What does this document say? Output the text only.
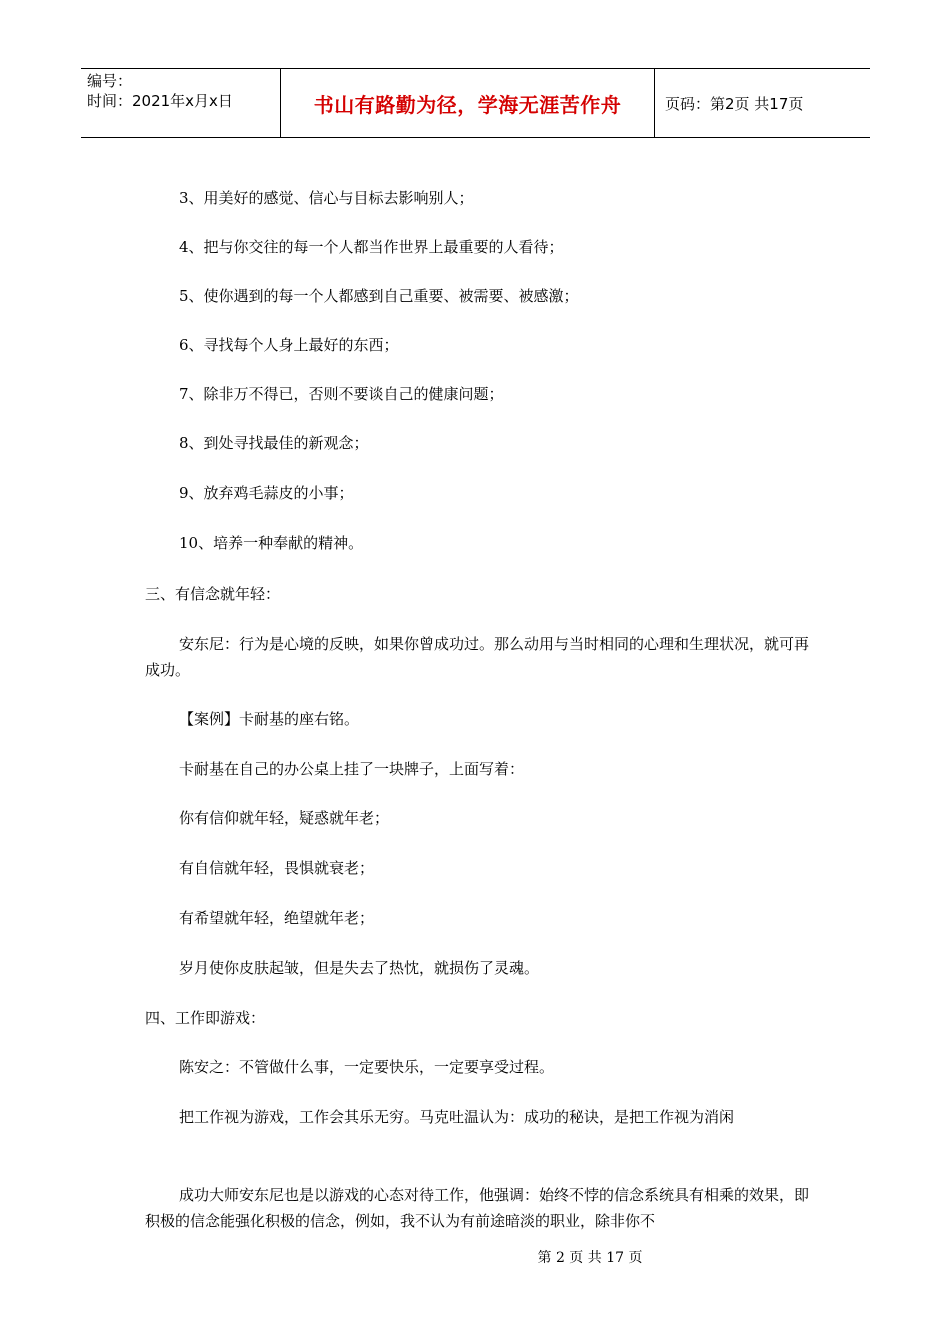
编号：
时间：2021年x月x日	书山有路勤为径，学海无涯苦作舟	页码：第2页 共17页
3、用美好的感觉、信心与目标去影响别人；
4、把与你交往的每一个人都当作世界上最重要的人看待；
5、使你遇到的每一个人都感到自己重要、被需要、被感激；
6、寻找每个人身上最好的东西；
7、除非万不得已，否则不要谈自己的健康问题；
8、到处寻找最佳的新观念；
9、放弃鸡毛蒜皮的小事；
10、培养一种奉献的精神。
三、有信念就年轻：
安东尼：行为是心境的反映，如果你曾成功过。那么动用与当时相同的心理和生理状况，就可再成功。
【案例】卡耐基的座右铭。
卡耐基在自己的办公桌上挂了一块牌子，上面写着：
你有信仰就年轻，疑惑就年老；
有自信就年轻，畏惧就衰老；
有希望就年轻，绝望就年老；
岁月使你皮肤起皱，但是失去了热忱，就损伤了灵魂。
四、工作即游戏：
陈安之：不管做什么事，一定要快乐，一定要享受过程。
把工作视为游戏，工作会其乐无穷。马克吐温认为：成功的秘诀，是把工作视为消闲
成功大师安东尼也是以游戏的心态对待工作，他强调：始终不悖的信念系统具有相乘的效果，即积极的信念能强化积极的信念，例如，我不认为有前途暗淡的职业，除非你不
第 2 页 共 17 页
